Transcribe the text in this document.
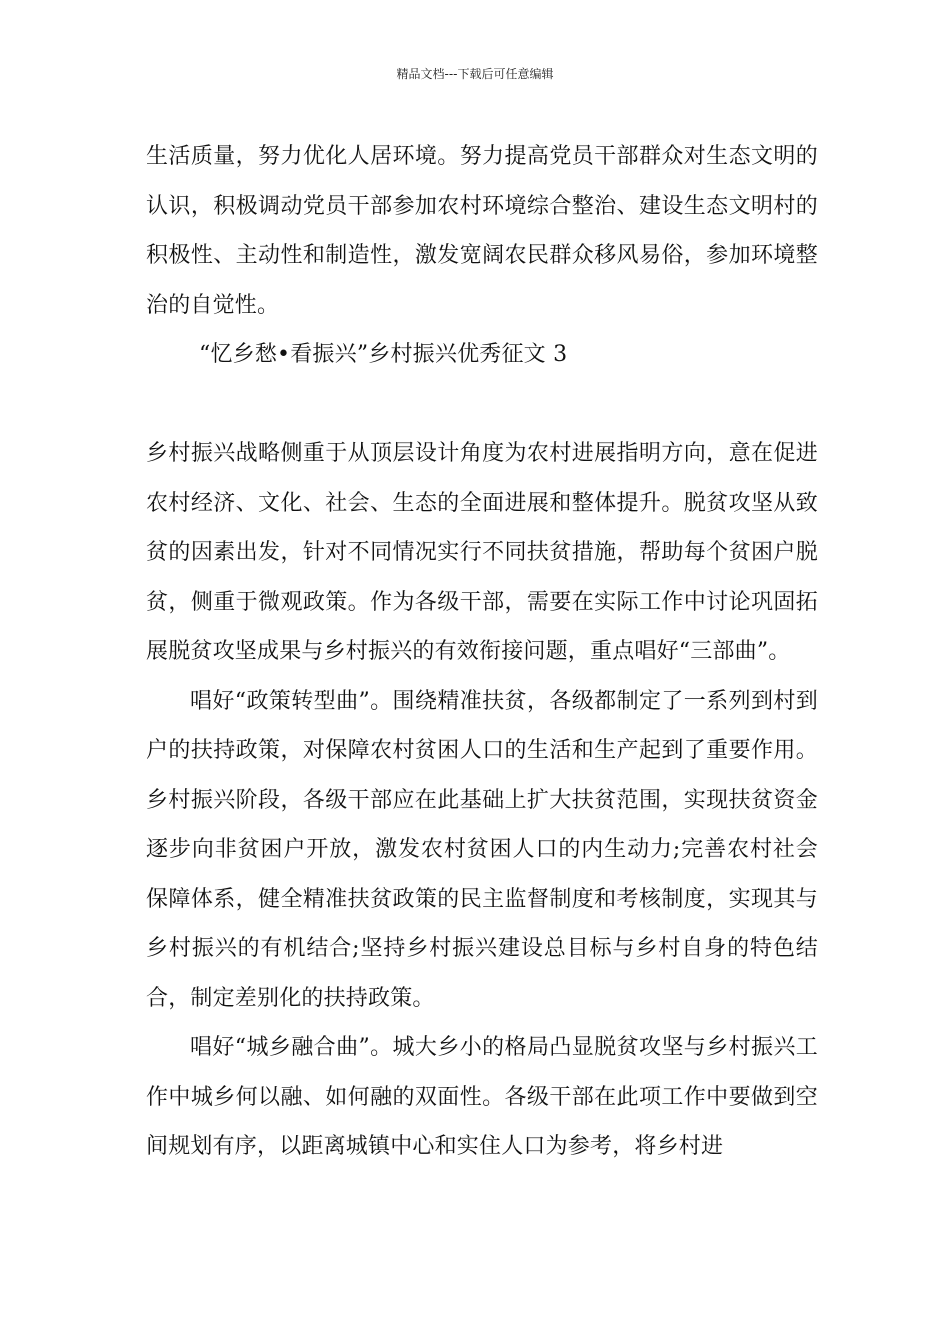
精品文档---下载后可任意编辑

生活质量，努力优化人居环境。努力提高党员干部群众对生态文明的认识，积极调动党员干部参加农村环境综合整治、建设生态文明村的积极性、主动性和制造性，激发宽阔农民群众移风易俗，参加环境整治的自觉性。

“忆乡愁•看振兴”乡村振兴优秀征文 3

乡村振兴战略侧重于从顶层设计角度为农村进展指明方向，意在促进农村经济、文化、社会、生态的全面进展和整体提升。脱贫攻坚从致贫的因素出发，针对不同情况实行不同扶贫措施，帮助每个贫困户脱贫，侧重于微观政策。作为各级干部，需要在实际工作中讨论巩固拓展脱贫攻坚成果与乡村振兴的有效衔接问题，重点唱好“三部曲”。

唱好“政策转型曲”。围绕精准扶贫，各级都制定了一系列到村到户的扶持政策，对保障农村贫困人口的生活和生产起到了重要作用。乡村振兴阶段，各级干部应在此基础上扩大扶贫范围，实现扶贫资金逐步向非贫困户开放，激发农村贫困人口的内生动力;完善农村社会保障体系，健全精准扶贫政策的民主监督制度和考核制度，实现其与乡村振兴的有机结合;坚持乡村振兴建设总目标与乡村自身的特色结合，制定差别化的扶持政策。

唱好“城乡融合曲”。城大乡小的格局凸显脱贫攻坚与乡村振兴工作中城乡何以融、如何融的双面性。各级干部在此项工作中要做到空间规划有序，以距离城镇中心和实住人口为参考，将乡村进
